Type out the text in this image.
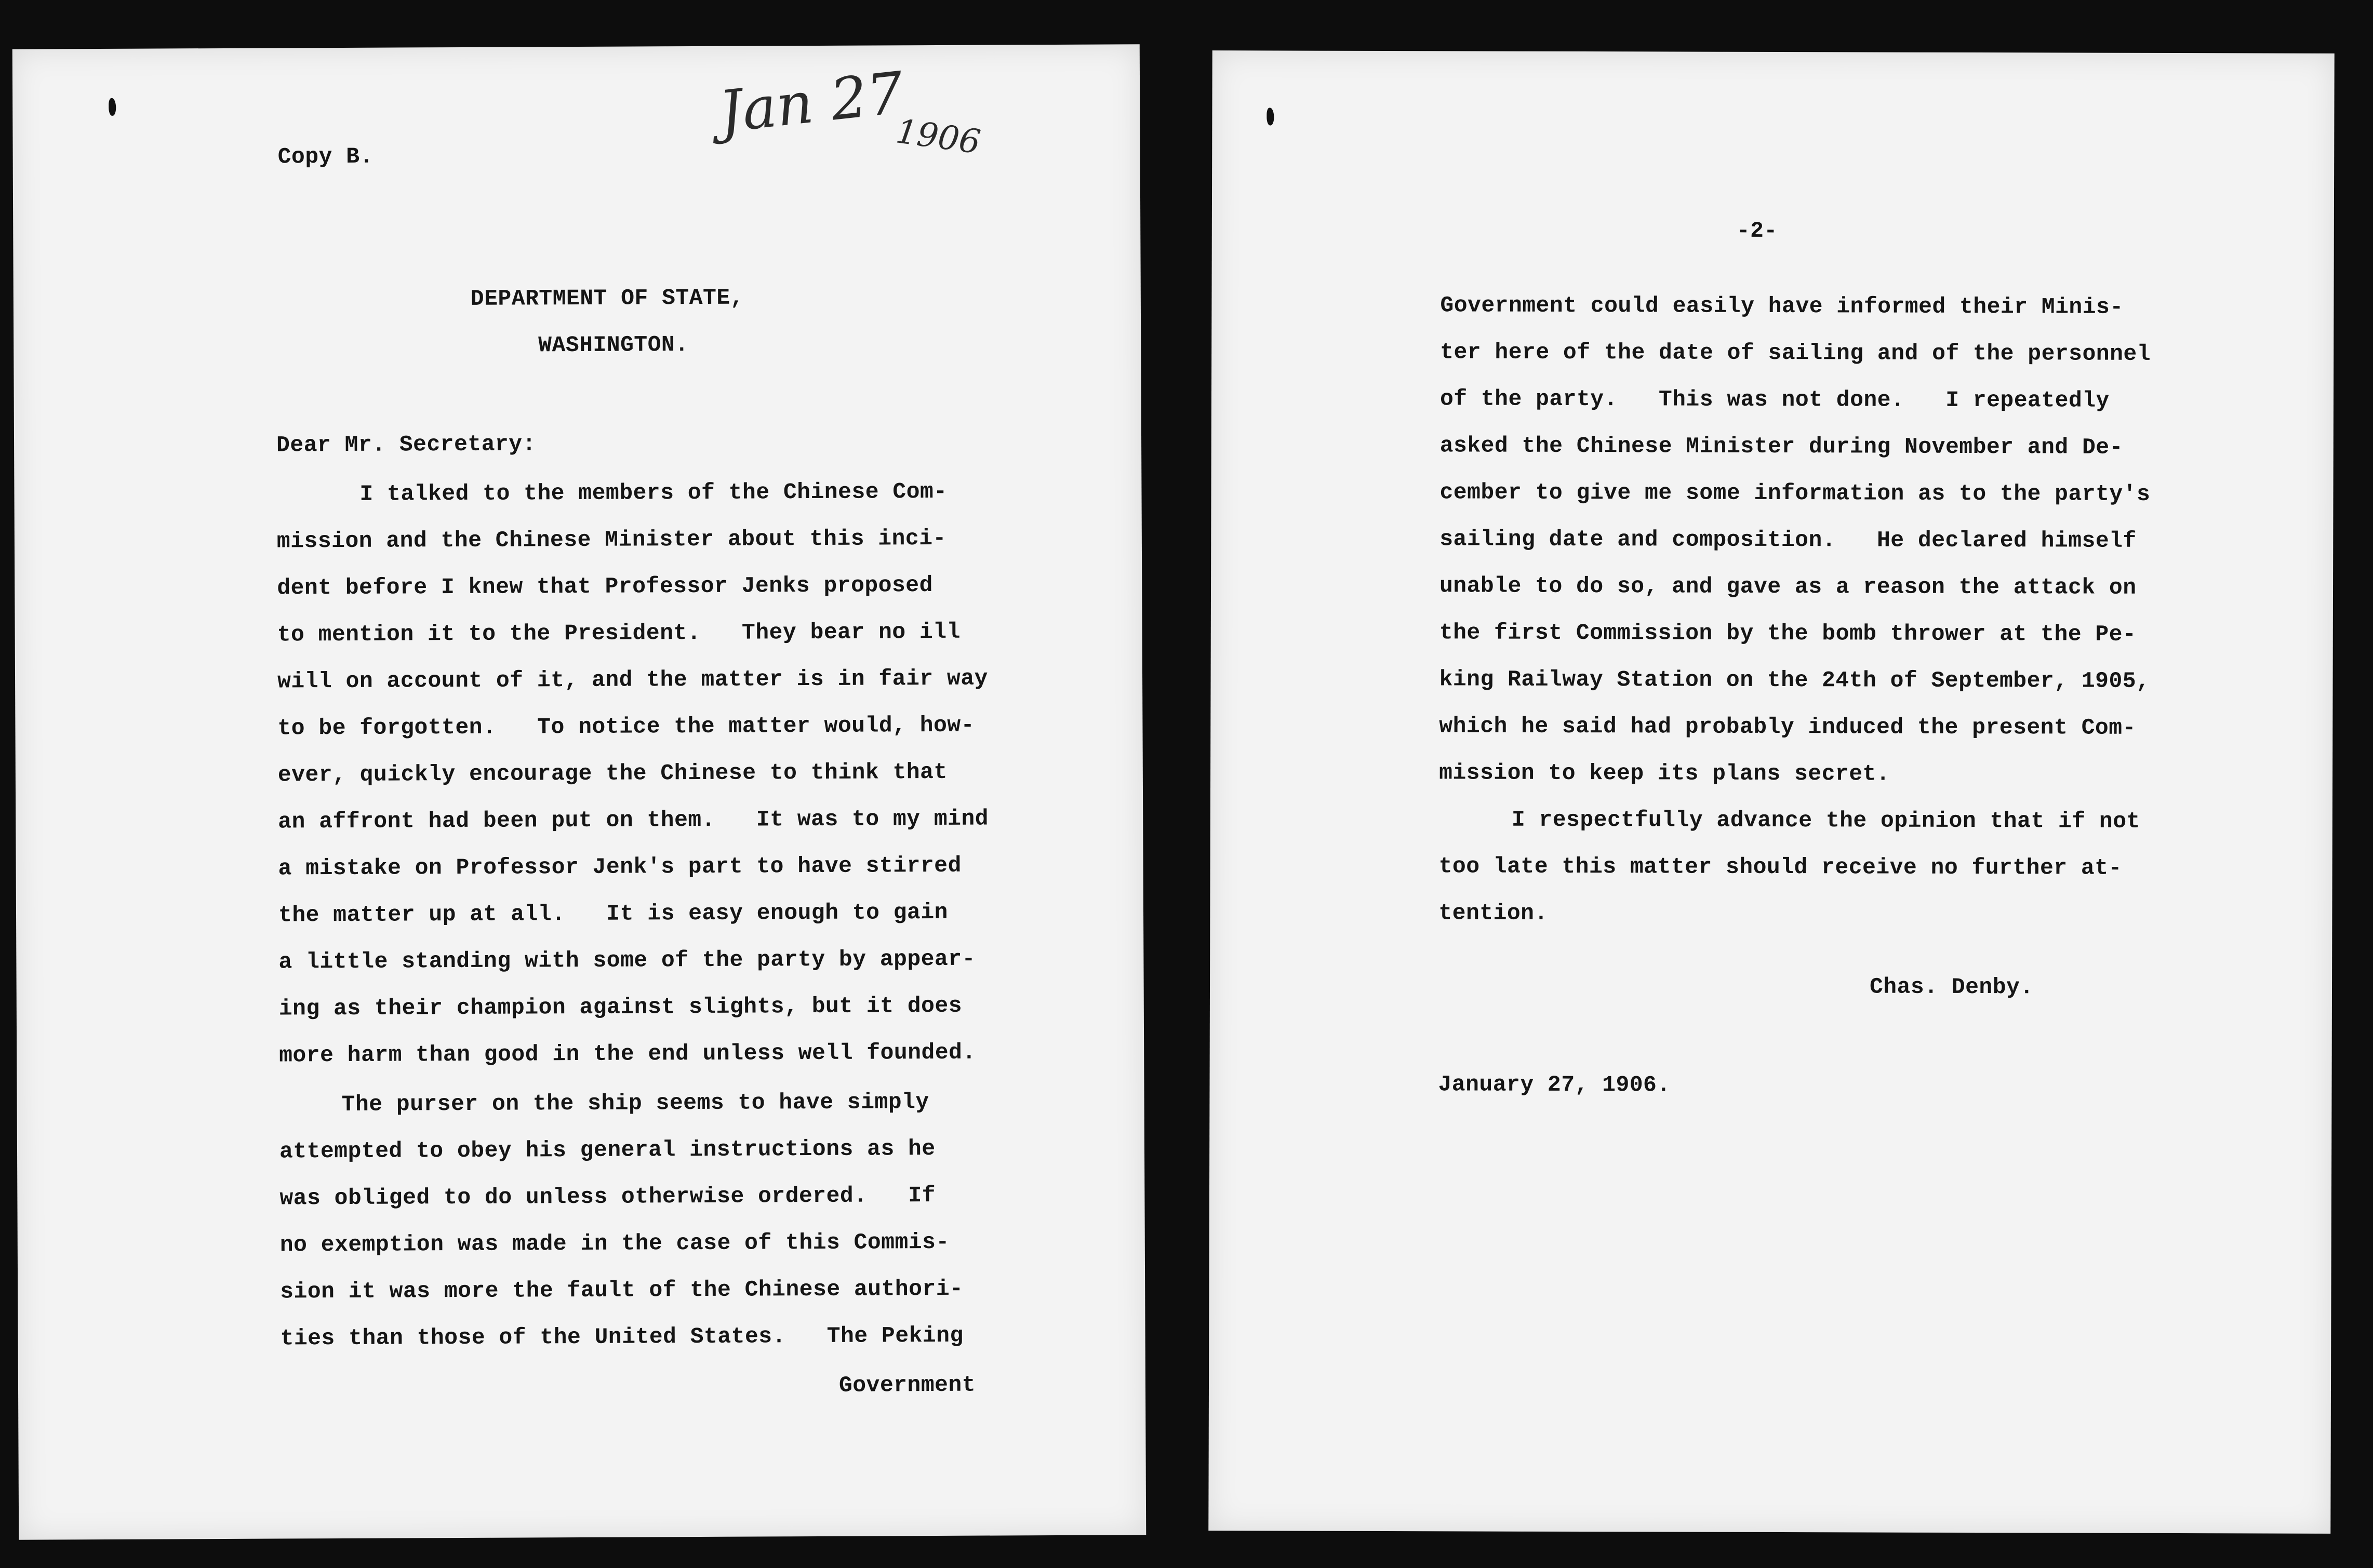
Jan 27
1906
Copy B.
DEPARTMENT OF STATE,
WASHINGTON.
Dear Mr. Secretary:
I talked to the members of the Chinese Com-
mission and the Chinese Minister about this inci-
dent before I knew that Professor Jenks proposed
to mention it to the President.   They bear no ill
will on account of it, and the matter is in fair way
to be forgotten.   To notice the matter would, how-
ever, quickly encourage the Chinese to think that
an affront had been put on them.   It was to my mind
a mistake on Professor Jenk's part to have stirred
the matter up at all.   It is easy enough to gain
a little standing with some of the party by appear-
ing as their champion against slights, but it does
more harm than good in the end unless well founded.
The purser on the ship seems to have simply
attempted to obey his general instructions as he
was obliged to do unless otherwise ordered.   If
no exemption was made in the case of this Commis-
sion it was more the fault of the Chinese authori-
ties than those of the United States.   The Peking
Government
-2-
Government could easily have informed their Minis-
ter here of the date of sailing and of the personnel
of the party.   This was not done.   I repeatedly
asked the Chinese Minister during November and De-
cember to give me some information as to the party's
sailing date and composition.   He declared himself
unable to do so, and gave as a reason the attack on
the first Commission by the bomb thrower at the Pe-
king Railway Station on the 24th of September, 1905,
which he said had probably induced the present Com-
mission to keep its plans secret.
I respectfully advance the opinion that if not
too late this matter should receive no further at-
tention.
Chas. Denby.
January 27, 1906.
